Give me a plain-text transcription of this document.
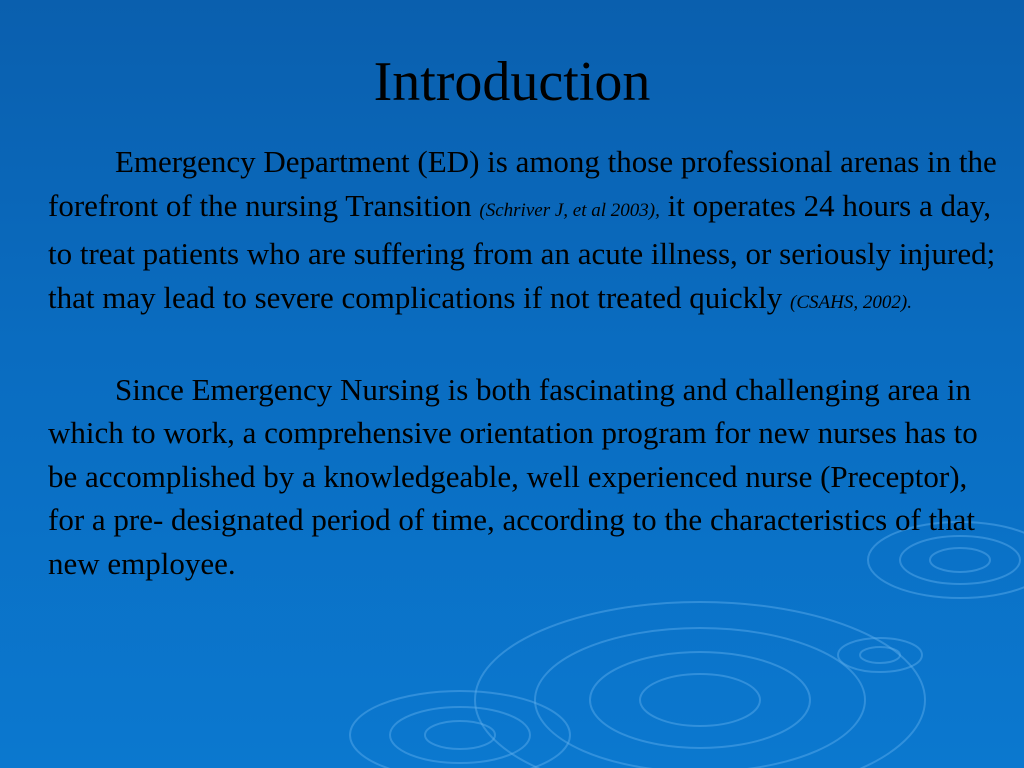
Introduction

Emergency Department (ED) is among those professional arenas in the forefront of the nursing Transition (Schriver J, et al 2003), it operates 24 hours a day, to treat patients who are suffering from an acute illness, or seriously injured; that may lead to severe complications if not treated quickly (CSAHS, 2002).

Since Emergency Nursing is both fascinating and challenging area in which to work, a comprehensive orientation program for new nurses has to be accomplished by a knowledgeable, well experienced nurse (Preceptor), for a pre- designated period of time, according to the characteristics of that new employee.
